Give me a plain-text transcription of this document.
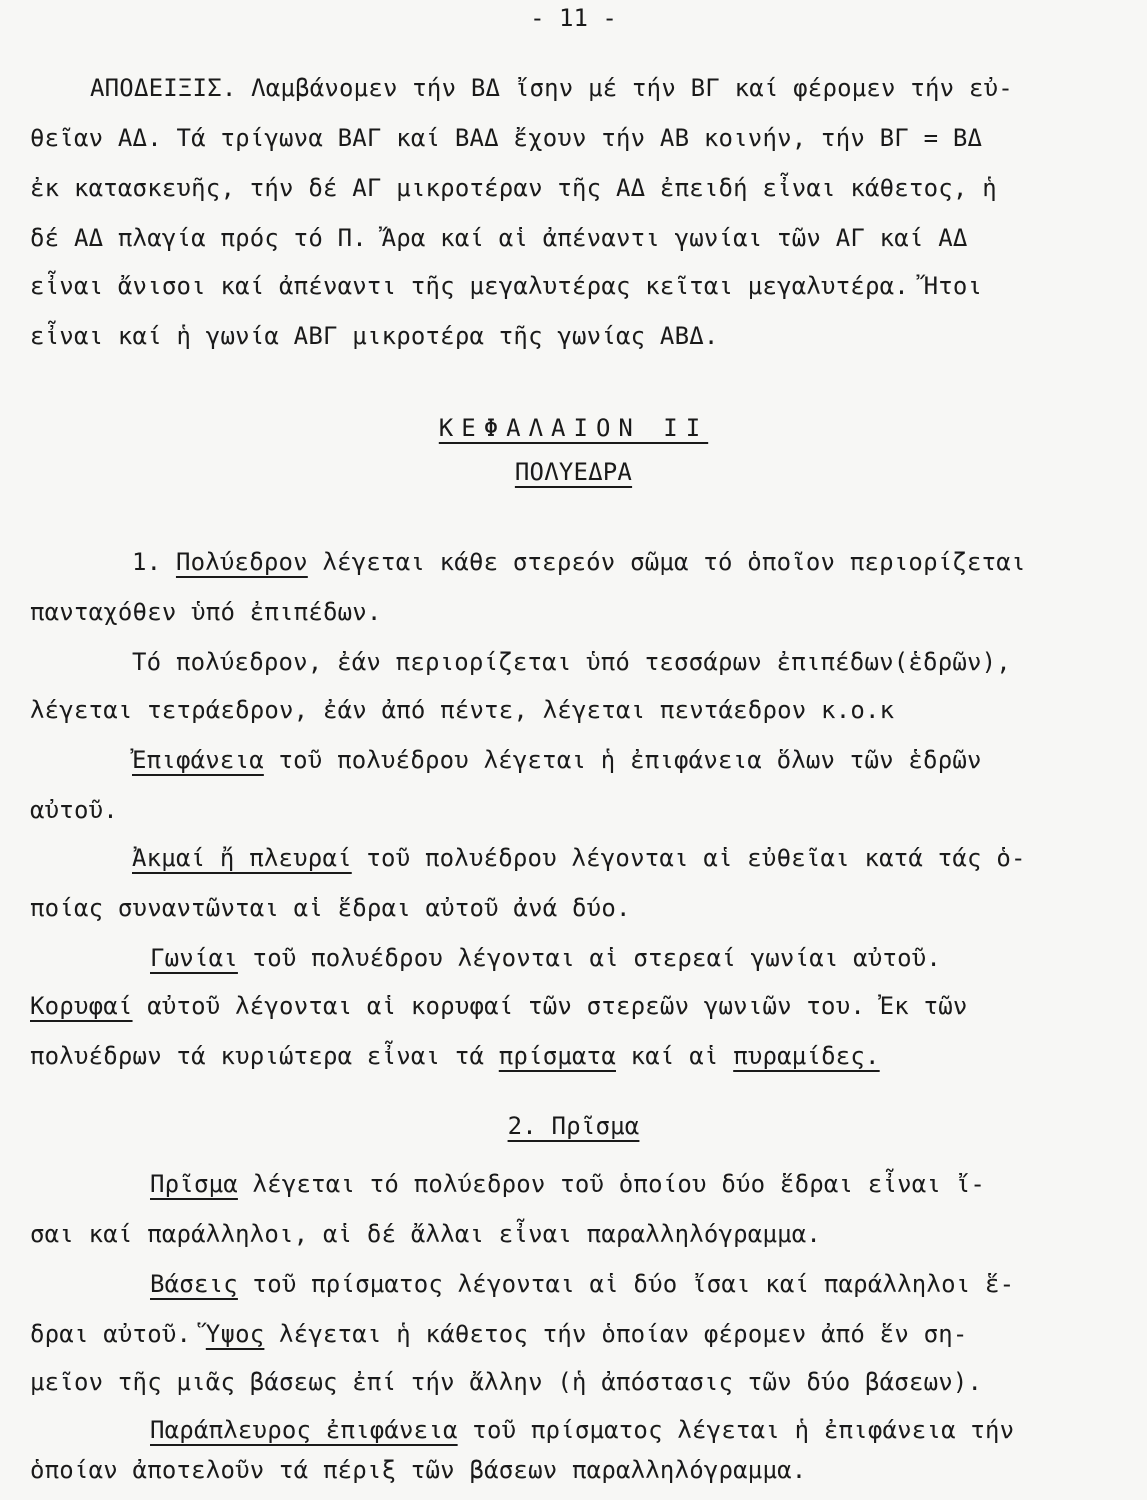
- 11 -
ΑΠΟΔΕΙΞΙΣ. Λαμβάνομεν τήν ΒΔ ἴσην μέ τήν ΒΓ καί φέρομεν τήν εὐ-
θεῖαν ΑΔ. Τά τρίγωνα ΒΑΓ καί ΒΑΔ ἔχουν τήν ΑΒ κοινήν, τήν ΒΓ = ΒΔ
ἐκ κατασκευῆς, τήν δέ ΑΓ μικροτέραν τῆς ΑΔ ἐπειδή εἶναι κάθετος, ἡ
δέ ΑΔ πλαγία πρός τό Π. Ἄρα καί αἱ ἀπέναντι γωνίαι τῶν ΑΓ καί ΑΔ
εἶναι ἄνισοι καί ἀπέναντι τῆς μεγαλυτέρας κεῖται μεγαλυτέρα. Ἤτοι
εἶναι καί ἡ γωνία ΑΒΓ μικροτέρα τῆς γωνίας ΑΒΔ.
ΚΕΦΑΛΑΙΟΝ ΙΙ
ΠΟΛΥΕΔΡΑ
1. Πολύεδρον λέγεται κάθε στερεόν σῶμα τό ὁποῖον περιορίζεται
πανταχόθεν ὑπό ἐπιπέδων.
Τό πολύεδρον, ἐάν περιορίζεται ὑπό τεσσάρων ἐπιπέδων(ἑδρῶν),
λέγεται τετράεδρον, ἐάν ἀπό πέντε, λέγεται πεντάεδρον κ.ο.κ
Ἐπιφάνεια τοῦ πολυέδρου λέγεται ἡ ἐπιφάνεια ὅλων τῶν ἑδρῶν
αὐτοῦ.
Ἀκμαί ἤ πλευραί τοῦ πολυέδρου λέγονται αἱ εὐθεῖαι κατά τάς ὁ-
ποίας συναντῶνται αἱ ἕδραι αὐτοῦ ἀνά δύο.
Γωνίαι τοῦ πολυέδρου λέγονται αἱ στερεαί γωνίαι αὐτοῦ.
Κορυφαί αὐτοῦ λέγονται αἱ κορυφαί τῶν στερεῶν γωνιῶν του. Ἐκ τῶν
πολυέδρων τά κυριώτερα εἶναι τά πρίσματα καί αἱ πυραμίδες.
2. Πρῖσμα
Πρῖσμα λέγεται τό πολύεδρον τοῦ ὁποίου δύο ἕδραι εἶναι ἴ-
σαι καί παράλληλοι, αἱ δέ ἄλλαι εἶναι παραλληλόγραμμα.
Βάσεις τοῦ πρίσματος λέγονται αἱ δύο ἴσαι καί παράλληλοι ἕ-
δραι αὐτοῦ. Ὕψος λέγεται ἡ κάθετος τήν ὁποίαν φέρομεν ἀπό ἕν ση-
μεῖον τῆς μιᾶς βάσεως ἐπί τήν ἄλλην (ἡ ἀπόστασις τῶν δύο βάσεων).
Παράπλευρος ἐπιφάνεια τοῦ πρίσματος λέγεται ἡ ἐπιφάνεια τήν
ὁποίαν ἀποτελοῦν τά πέριξ τῶν βάσεων παραλληλόγραμμα.
